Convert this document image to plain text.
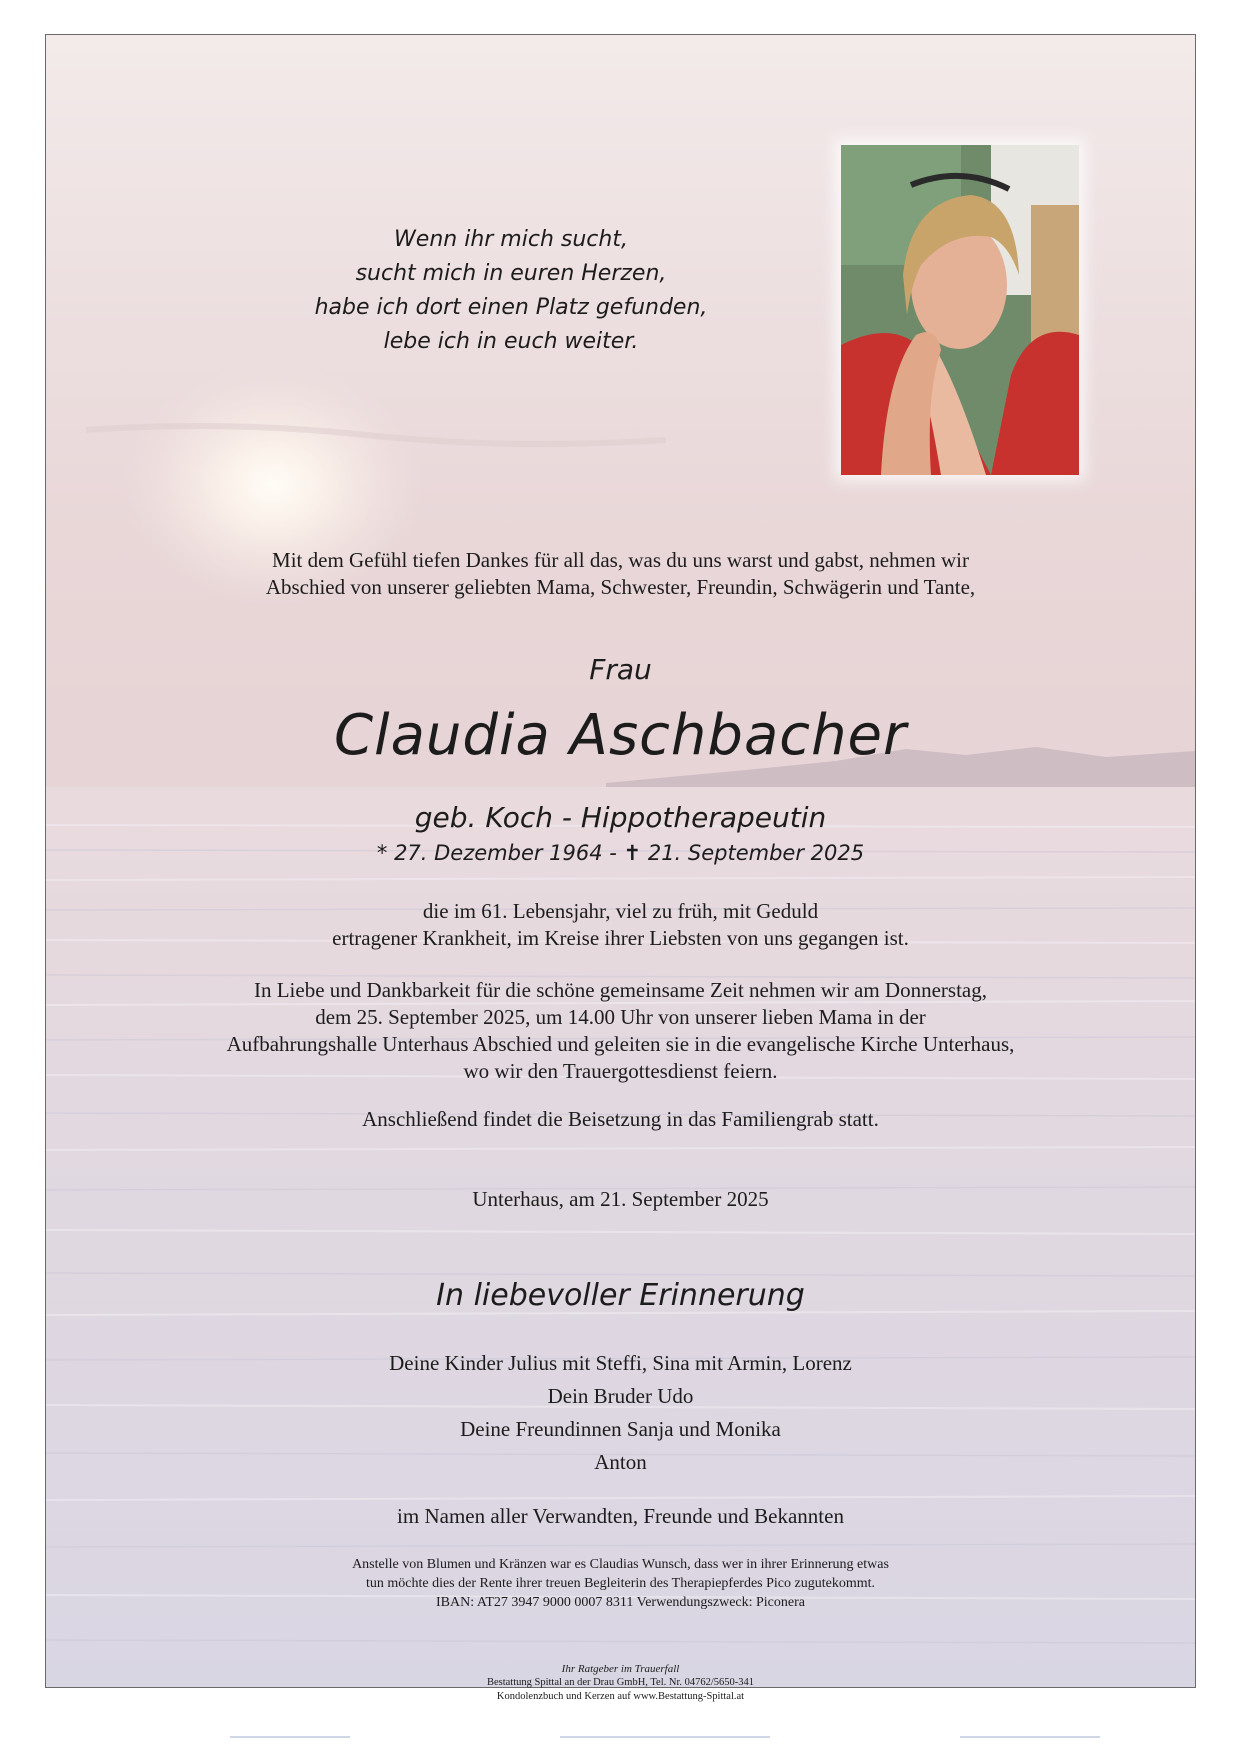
Wenn ihr mich sucht,
sucht mich in euren Herzen,
habe ich dort einen Platz gefunden,
lebe ich in euch weiter.
Mit dem Gefühl tiefen Dankes für all das, was du uns warst und gabst, nehmen wir
Abschied von unserer geliebten Mama, Schwester, Freundin, Schwägerin und Tante,
Frau
Claudia Aschbacher
geb. Koch - Hippotherapeutin
* 27. Dezember 1964 - ✝ 21. September 2025
die im 61. Lebensjahr, viel zu früh, mit Geduld
ertragener Krankheit, im Kreise ihrer Liebsten von uns gegangen ist.
In Liebe und Dankbarkeit für die schöne gemeinsame Zeit nehmen wir am Donnerstag,
dem 25. September 2025, um 14.00 Uhr von unserer lieben Mama in der
Aufbahrungshalle Unterhaus Abschied und geleiten sie in die evangelische Kirche Unterhaus,
wo wir den Trauergottesdienst feiern.
Anschließend findet die Beisetzung in das Familiengrab statt.
Unterhaus, am 21. September 2025
In liebevoller Erinnerung
Deine Kinder Julius mit Steffi, Sina mit Armin, Lorenz
Dein Bruder Udo
Deine Freundinnen Sanja und Monika
Anton
im Namen aller Verwandten, Freunde und Bekannten
Anstelle von Blumen und Kränzen war es Claudias Wunsch, dass wer in ihrer Erinnerung etwas
tun möchte dies der Rente ihrer treuen Begleiterin des Therapiepferdes Pico zugutekommt.
IBAN: AT27 3947 9000 0007 8311 Verwendungszweck: Piconera
Ihr Ratgeber im Trauerfall
Bestattung Spittal an der Drau GmbH, Tel. Nr. 04762/5650-341
Kondolenzbuch und Kerzen auf www.Bestattung-Spittal.at
